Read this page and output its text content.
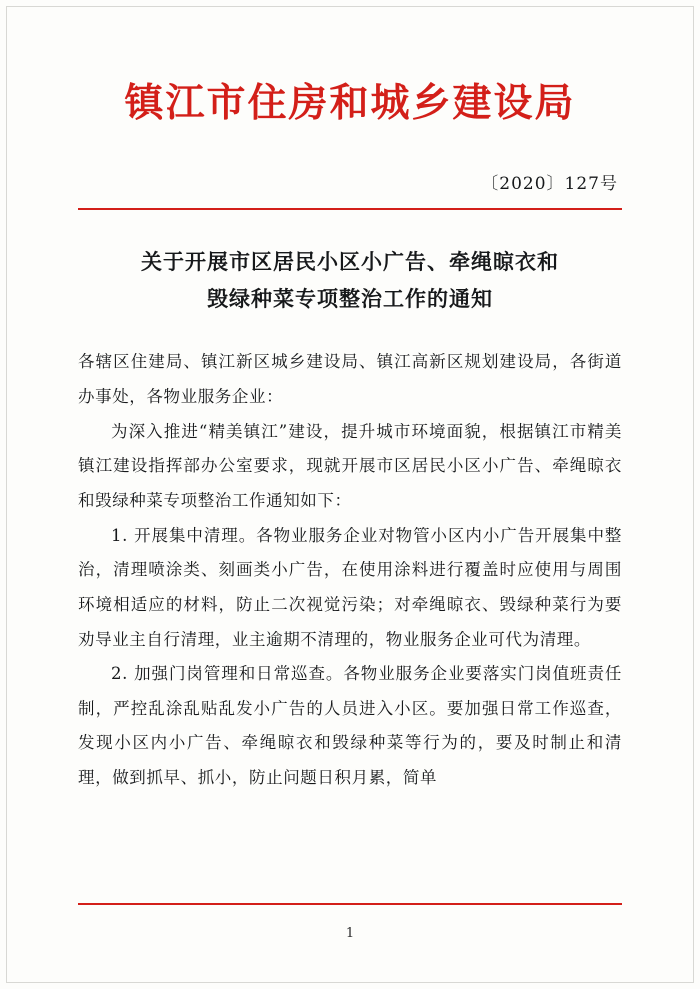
镇江市住房和城乡建设局
〔2020〕127号
关于开展市区居民小区小广告、牵绳晾衣和
毁绿种菜专项整治工作的通知

各辖区住建局、镇江新区城乡建设局、镇江高新区规划建设局，各街道办事处，各物业服务企业：

为深入推进“精美镇江”建设，提升城市环境面貌，根据镇江市精美镇江建设指挥部办公室要求，现就开展市区居民小区小广告、牵绳晾衣和毁绿种菜专项整治工作通知如下：

1. 开展集中清理。各物业服务企业对物管小区内小广告开展集中整治，清理喷涂类、刻画类小广告，在使用涂料进行覆盖时应使用与周围环境相适应的材料，防止二次视觉污染；对牵绳晾衣、毁绿种菜行为要劝导业主自行清理，业主逾期不清理的，物业服务企业可代为清理。

2. 加强门岗管理和日常巡查。各物业服务企业要落实门岗值班责任制，严控乱涂乱贴乱发小广告的人员进入小区。要加强日常工作巡查，发现小区内小广告、牵绳晾衣和毁绿种菜等行为的，要及时制止和清理，做到抓早、抓小，防止问题日积月累，简单

1
